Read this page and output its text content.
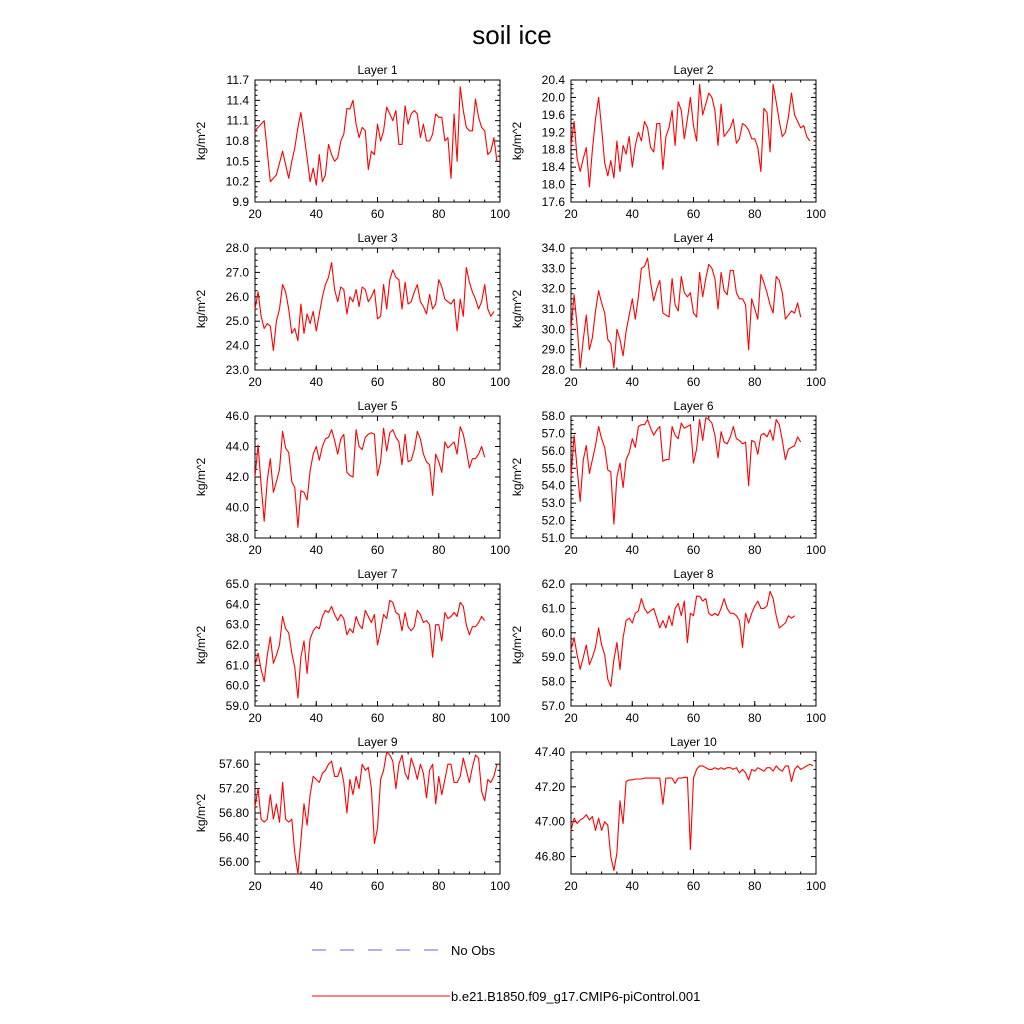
soil ice
Layer 1
20	40	60	80	100
9.9
10.2
10.5
10.8
11.1
11.4
11.7
kg/m^2
Layer 2
20	40	60	80	100
17.6
18.0
18.4
18.8
19.2
19.6
20.0
20.4
kg/m^2
Layer 3
20	40	60	80	100
23.0
24.0
25.0
26.0
27.0
28.0
kg/m^2
Layer 4
20	40	60	80	100
28.0
29.0
30.0
31.0
32.0
33.0
34.0
kg/m^2
Layer 5
20	40	60	80	100
38.0
40.0
42.0
44.0
46.0
kg/m^2
Layer 6
20	40	60	80	100
51.0
52.0
53.0
54.0
55.0
56.0
57.0
58.0
kg/m^2
Layer 7
20	40	60	80	100
59.0
60.0
61.0
62.0
63.0
64.0
65.0
kg/m^2
Layer 8
20	40	60	80	100
57.0
58.0
59.0
60.0
61.0
62.0
kg/m^2
Layer 9
20	40	60	80	100
56.00
56.40
56.80
57.20
57.60
kg/m^2
Layer 10
20	40	60	80	100
46.80
47.00
47.20
47.40
No Obs
b.e21.B1850.f09_g17.CMIP6-piControl.001
